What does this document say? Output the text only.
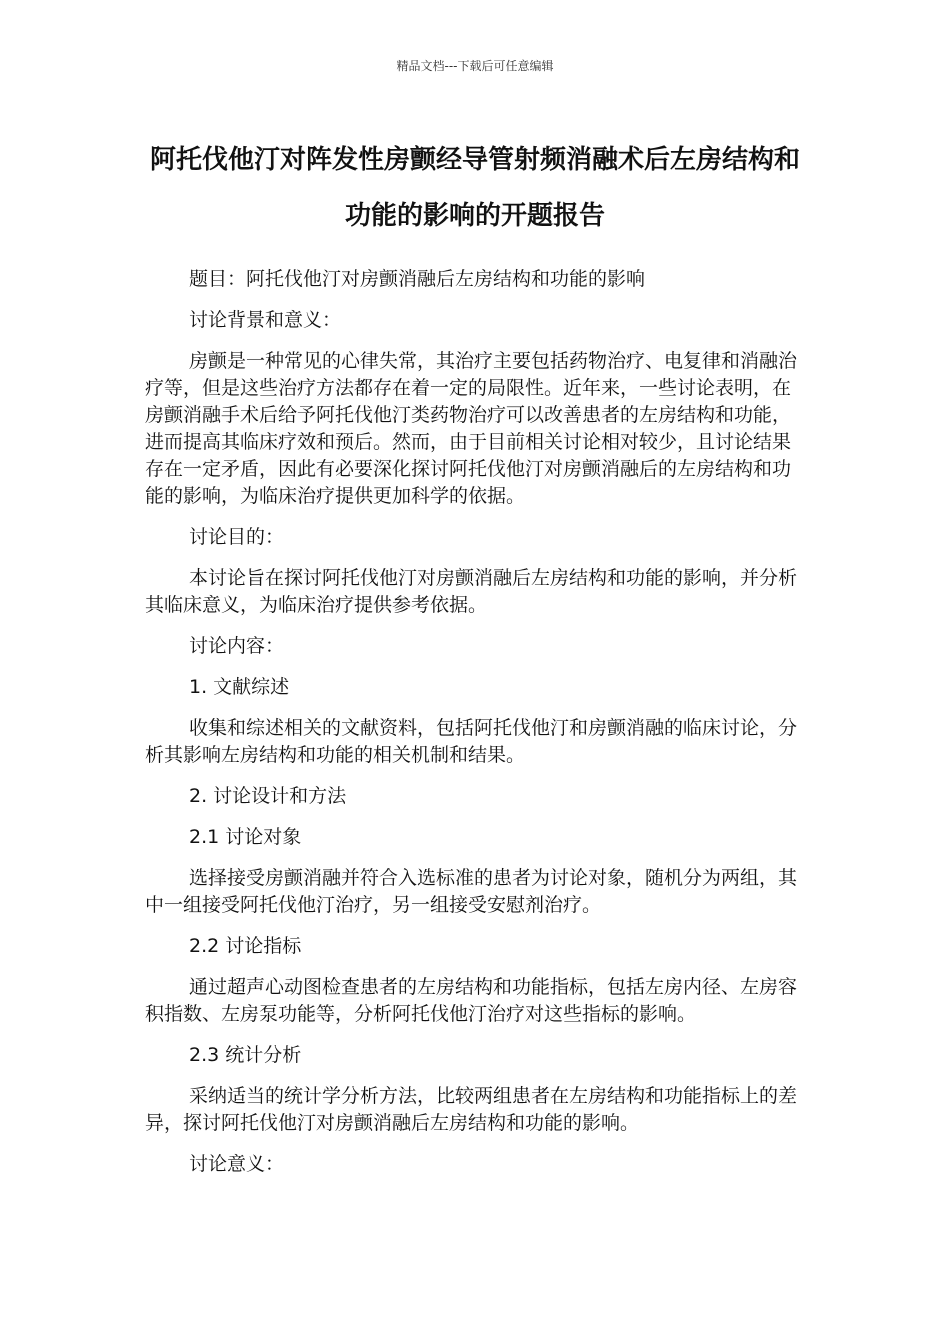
精品文档---下载后可任意编辑
阿托伐他汀对阵发性房颤经导管射频消融术后左房结构和功能的影响的开题报告

题目：阿托伐他汀对房颤消融后左房结构和功能的影响

讨论背景和意义：

房颤是一种常见的心律失常，其治疗主要包括药物治疗、电复律和消融治疗等，但是这些治疗方法都存在着一定的局限性。近年来，一些讨论表明，在房颤消融手术后给予阿托伐他汀类药物治疗可以改善患者的左房结构和功能，进而提高其临床疗效和预后。然而，由于目前相关讨论相对较少，且讨论结果存在一定矛盾，因此有必要深化探讨阿托伐他汀对房颤消融后的左房结构和功能的影响，为临床治疗提供更加科学的依据。

讨论目的：

本讨论旨在探讨阿托伐他汀对房颤消融后左房结构和功能的影响，并分析其临床意义，为临床治疗提供参考依据。

讨论内容：

1. 文献综述

收集和综述相关的文献资料，包括阿托伐他汀和房颤消融的临床讨论，分析其影响左房结构和功能的相关机制和结果。

2. 讨论设计和方法

2.1 讨论对象

选择接受房颤消融并符合入选标准的患者为讨论对象，随机分为两组，其中一组接受阿托伐他汀治疗，另一组接受安慰剂治疗。

2.2 讨论指标

通过超声心动图检查患者的左房结构和功能指标，包括左房内径、左房容积指数、左房泵功能等，分析阿托伐他汀治疗对这些指标的影响。

2.3 统计分析

采纳适当的统计学分析方法，比较两组患者在左房结构和功能指标上的差异，探讨阿托伐他汀对房颤消融后左房结构和功能的影响。

讨论意义：
